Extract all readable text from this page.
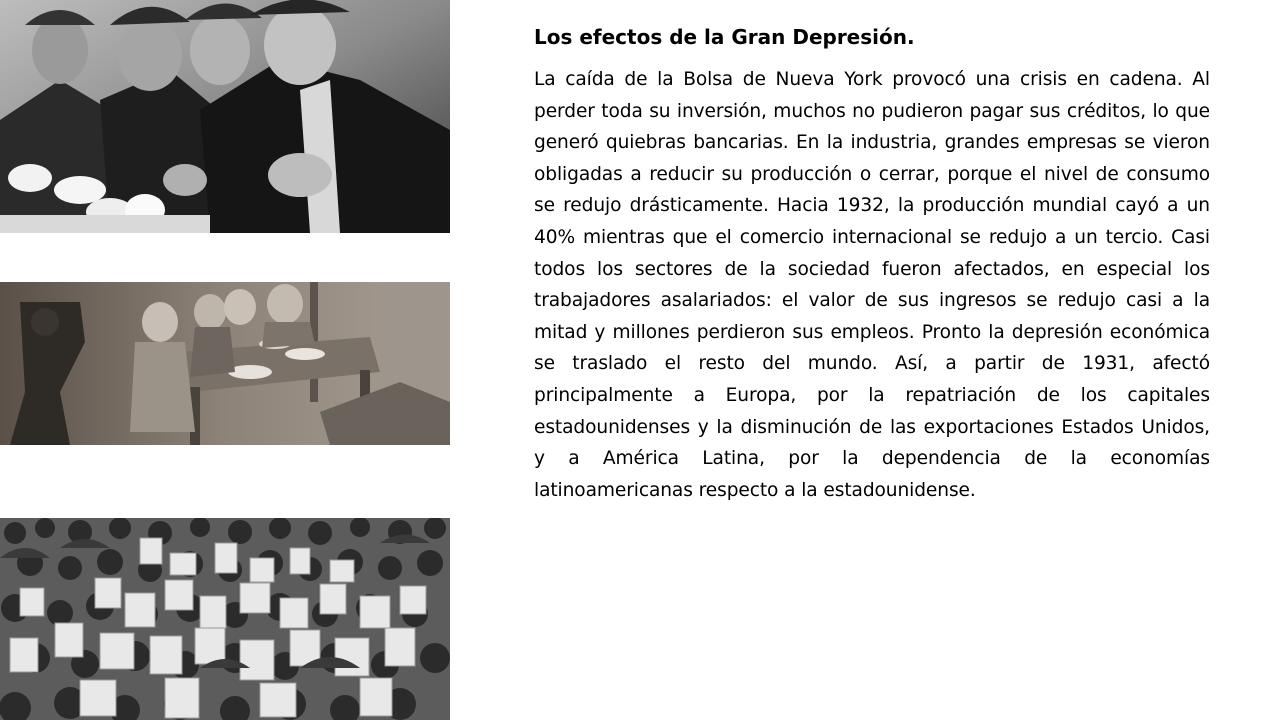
Los efectos de la Gran Depresión.

La caída de la Bolsa de Nueva York provocó una crisis en cadena. Al perder toda su inversión, muchos no pudieron pagar sus créditos, lo que generó quiebras bancarias. En la industria, grandes empresas se vieron obligadas a reducir su producción o cerrar, porque el nivel de consumo se redujo drásticamente. Hacia 1932, la producción mundial cayó a un 40% mientras que el comercio internacional se redujo a un tercio. Casi todos los sectores de la sociedad fueron afectados, en especial los trabajadores asalariados: el valor de sus ingresos se redujo casi a la mitad y millones perdieron sus empleos. Pronto la depresión económica se traslado el resto del mundo. Así, a partir de 1931, afectó principalmente a Europa, por la repatriación de los capitales estadounidenses y la disminución de las exportaciones Estados Unidos, y a América Latina, por la dependencia de la economías latinoamericanas respecto a la estadounidense.
